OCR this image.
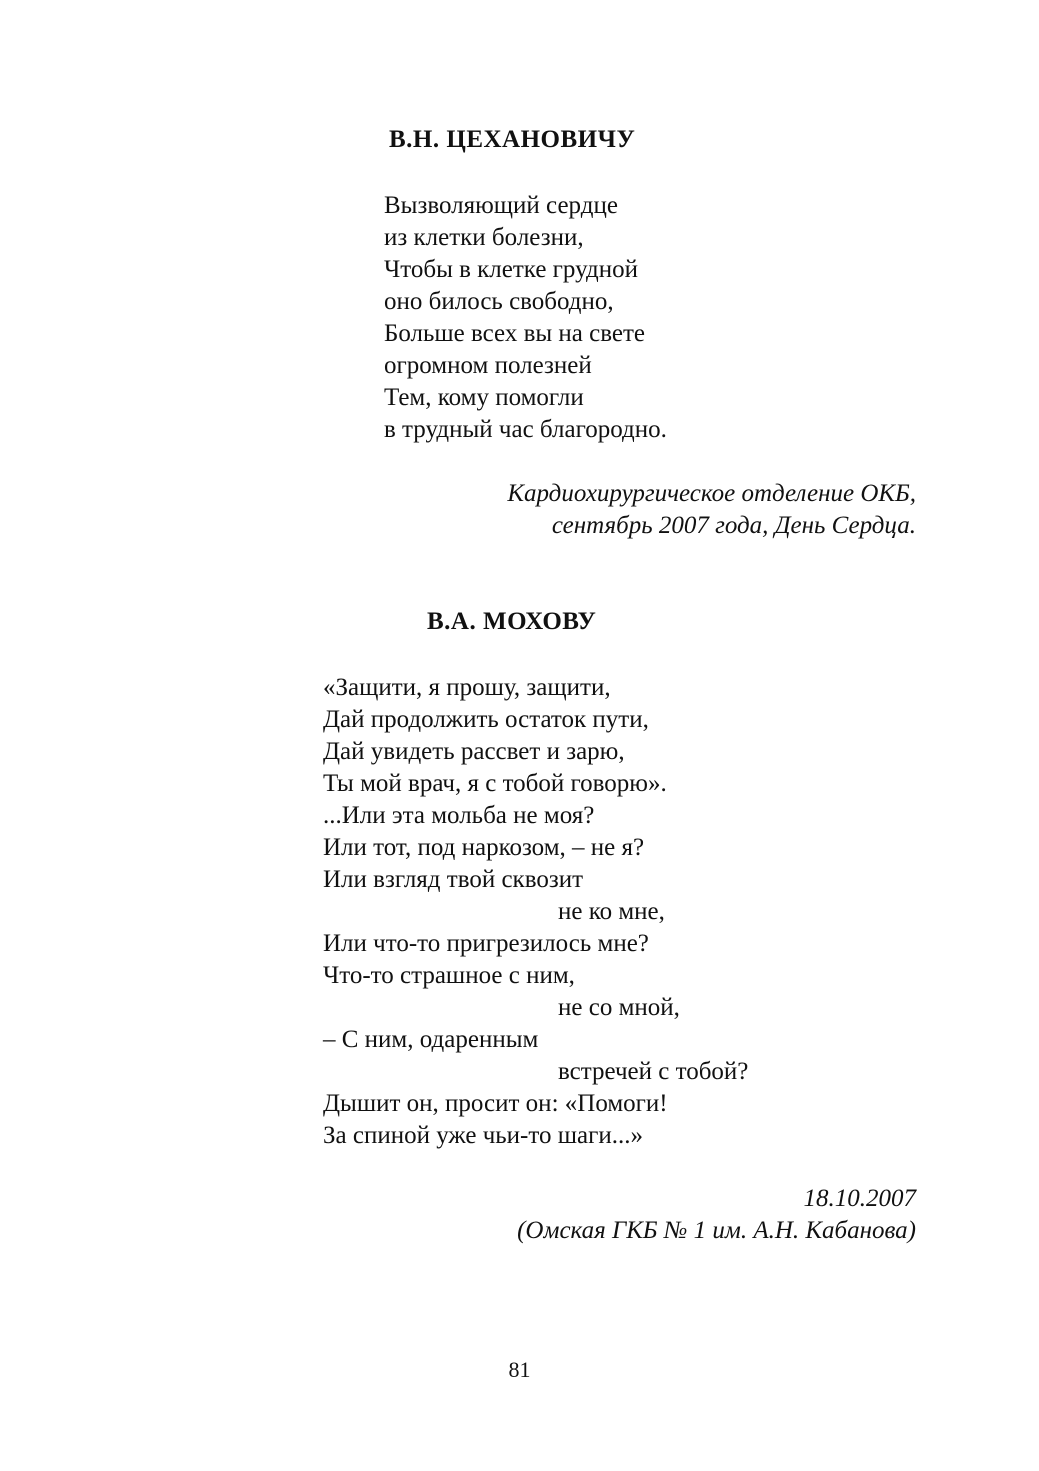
В.Н. ЦЕХАНОВИЧУ
Вызволяющий сердце
из клетки болезни,
Чтобы в клетке грудной
оно билось свободно,
Больше всех вы на свете
огромном полезней
Тем, кому помогли
в трудный час благородно.
Кардиохирургическое отделение ОКБ,
сентябрь 2007 года, День Сердца.
В.А. МОХОВУ
«Защити, я прошу, защити,
Дай продолжить остаток пути,
Дай увидеть рассвет и зарю,
Ты мой врач, я с тобой говорю».
...Или эта мольба не моя?
Или тот, под наркозом, – не я?
Или взгляд твой сквозит
не ко мне,
Или что-то пригрезилось мне?
Что-то страшное с ним,
не со мной,
– С ним, одаренным
встречей с тобой?
Дышит он, просит он: «Помоги!
За спиной уже чьи-то шаги...»
18.10.2007
(Омская ГКБ № 1 им. А.Н. Кабанова)
81
